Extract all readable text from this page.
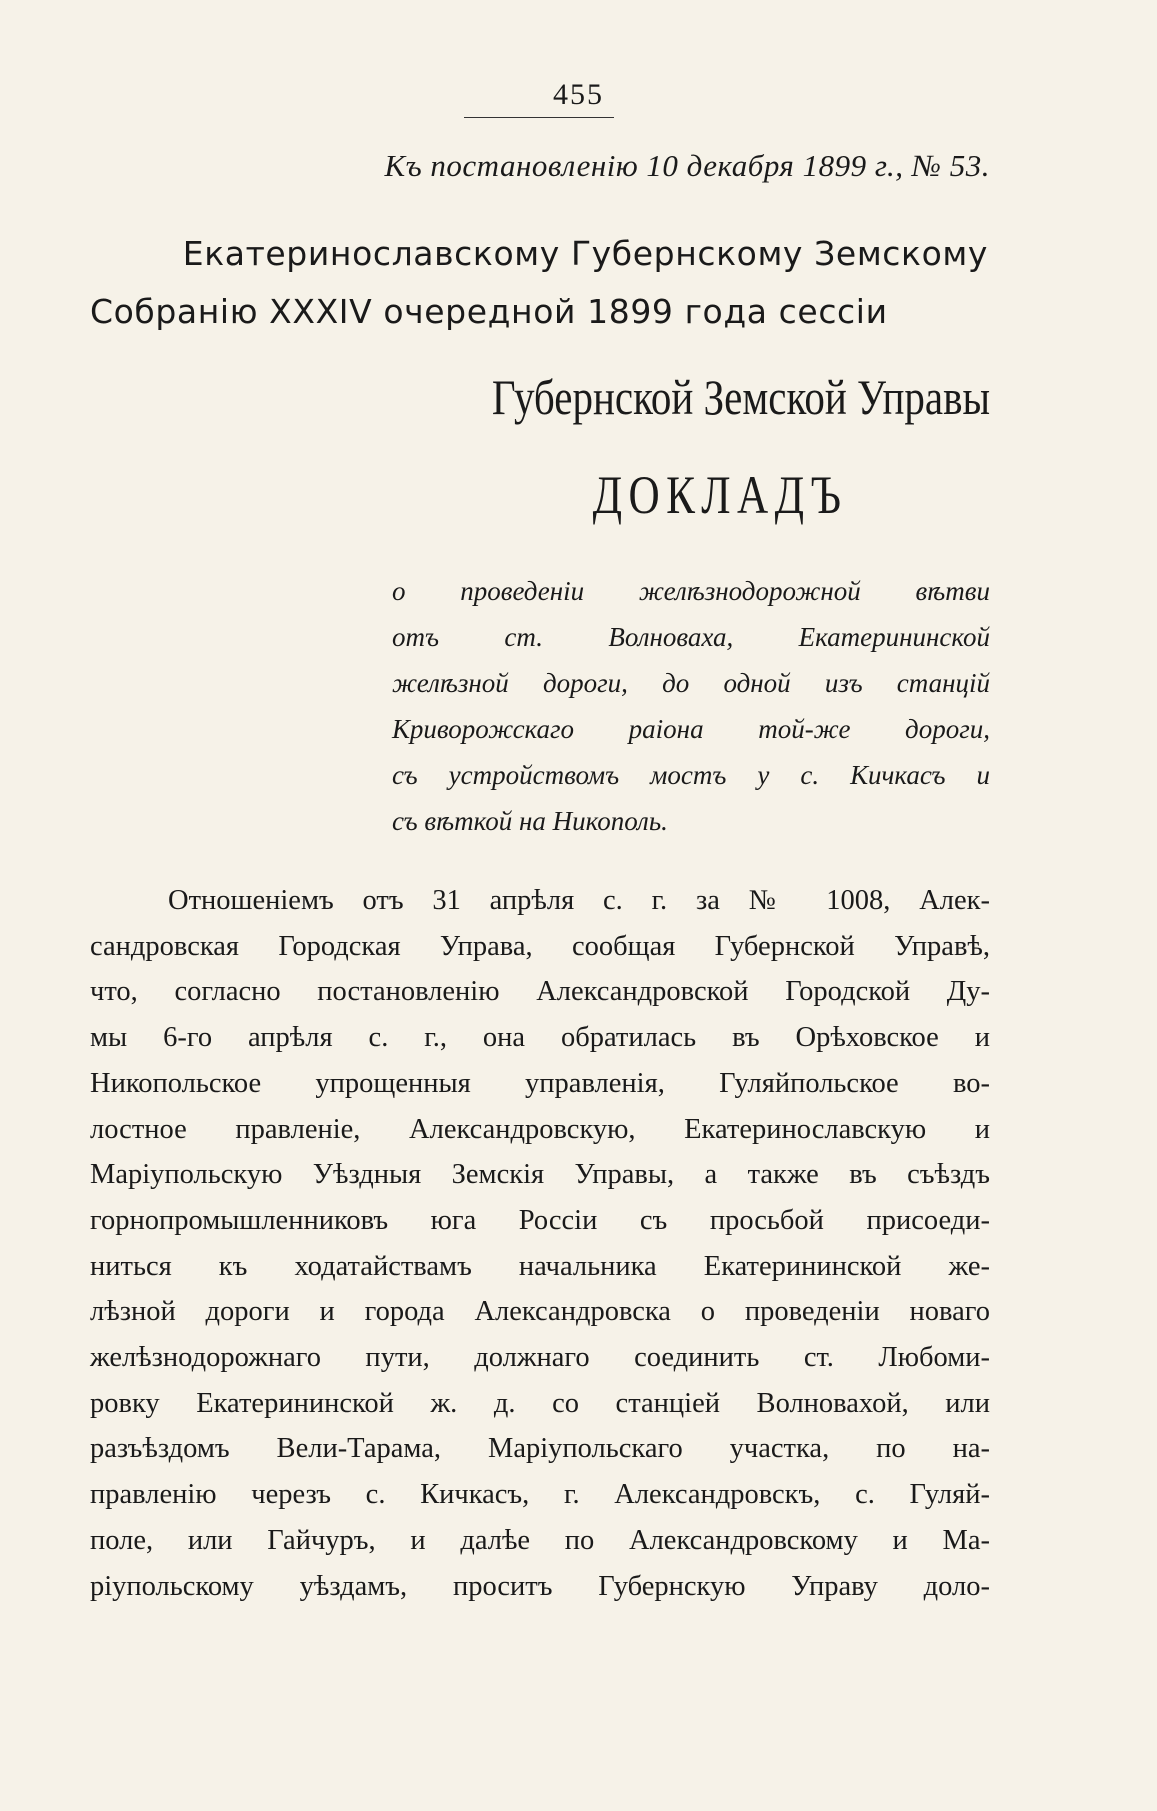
455
Къ постановленію 10 декабря 1899 г., № 53.
Екатеринославскому Губернскому Земскому
Собранію XXXIV очередной 1899 года сессіи
Губернской Земской Управы
ДОКЛАДЪ
о проведеніи желѣзнодорожной вѣтви
отъ ст. Волноваха, Екатерининской
желѣзной дороги, до одной изъ станцій
Криворожскаго раіона той-же дороги,
съ устройствомъ мостъ у с. Кичкасъ и
съ вѣткой на Никополь.
Отношеніемъ отъ 31 апрѣля с. г. за № 1008, Алек-
сандровская Городская Управа, сообщая Губернской Управѣ,
что, согласно постановленію Александровской Городской Ду-
мы 6-го апрѣля с. г., она обратилась въ Орѣховское и
Никопольское упрощенныя управленія, Гуляйпольское во-
лостное правленіе, Александровскую, Екатеринославскую и
Маріупольскую Уѣздныя Земскія Управы, а также въ съѣздъ
горнопромышленниковъ юга Россіи съ просьбой присоеди-
ниться къ ходатайствамъ начальника Екатерининской же-
лѣзной дороги и города Александровска о проведеніи новаго
желѣзнодорожнаго пути, должнаго соединить ст. Любоми-
ровку Екатерининской ж. д. со станціей Волновахой, или
разъѣздомъ Вели-Тарама, Маріупольскаго участка, по на-
правленію черезъ с. Кичкасъ, г. Александровскъ, с. Гуляй-
поле, или Гайчуръ, и далѣе по Александровскому и Ма-
ріупольскому уѣздамъ, проситъ Губернскую Управу доло-
